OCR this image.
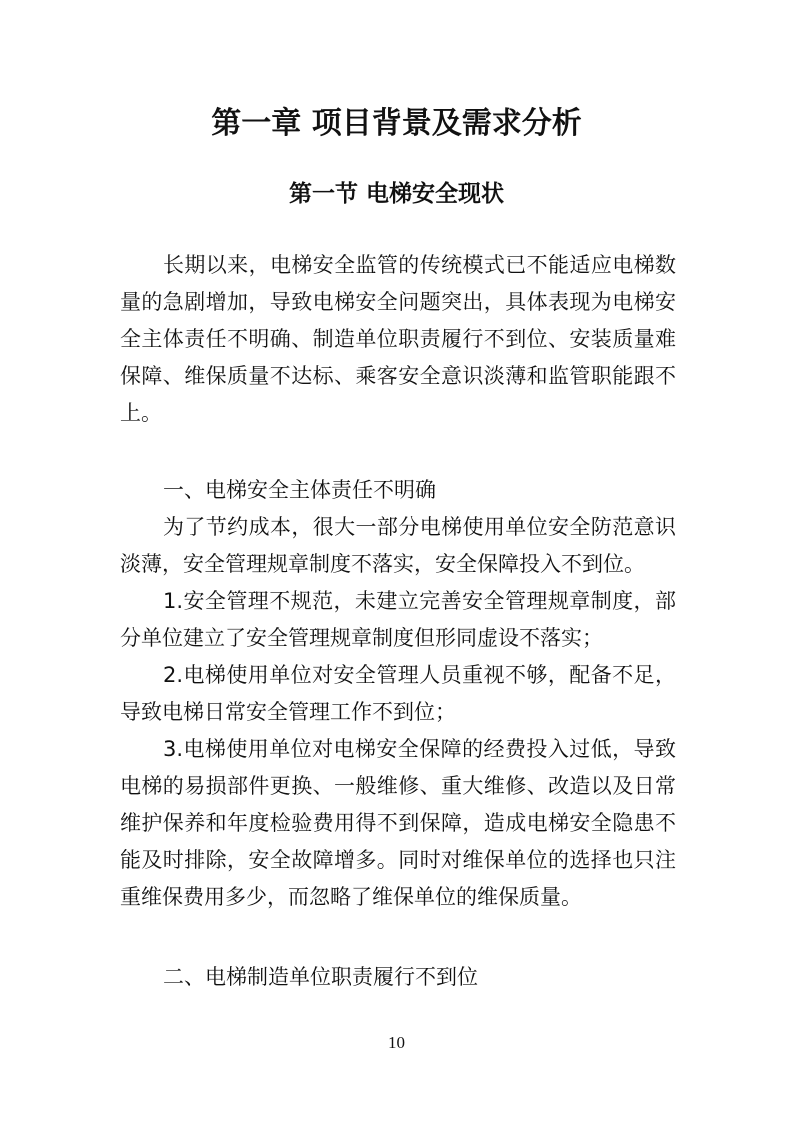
第一章 项目背景及需求分析
第一节 电梯安全现状
长期以来，电梯安全监管的传统模式已不能适应电梯数
量的急剧增加，导致电梯安全问题突出，具体表现为电梯安
全主体责任不明确、制造单位职责履行不到位、安装质量难
保障、维保质量不达标、乘客安全意识淡薄和监管职能跟不
上。
一、电梯安全主体责任不明确
为了节约成本，很大一部分电梯使用单位安全防范意识
淡薄，安全管理规章制度不落实，安全保障投入不到位。
1.安全管理不规范，未建立完善安全管理规章制度，部
分单位建立了安全管理规章制度但形同虚设不落实；
2.电梯使用单位对安全管理人员重视不够，配备不足，
导致电梯日常安全管理工作不到位；
3.电梯使用单位对电梯安全保障的经费投入过低，导致
电梯的易损部件更换、一般维修、重大维修、改造以及日常
维护保养和年度检验费用得不到保障，造成电梯安全隐患不
能及时排除，安全故障增多。同时对维保单位的选择也只注
重维保费用多少，而忽略了维保单位的维保质量。
二、电梯制造单位职责履行不到位
10
